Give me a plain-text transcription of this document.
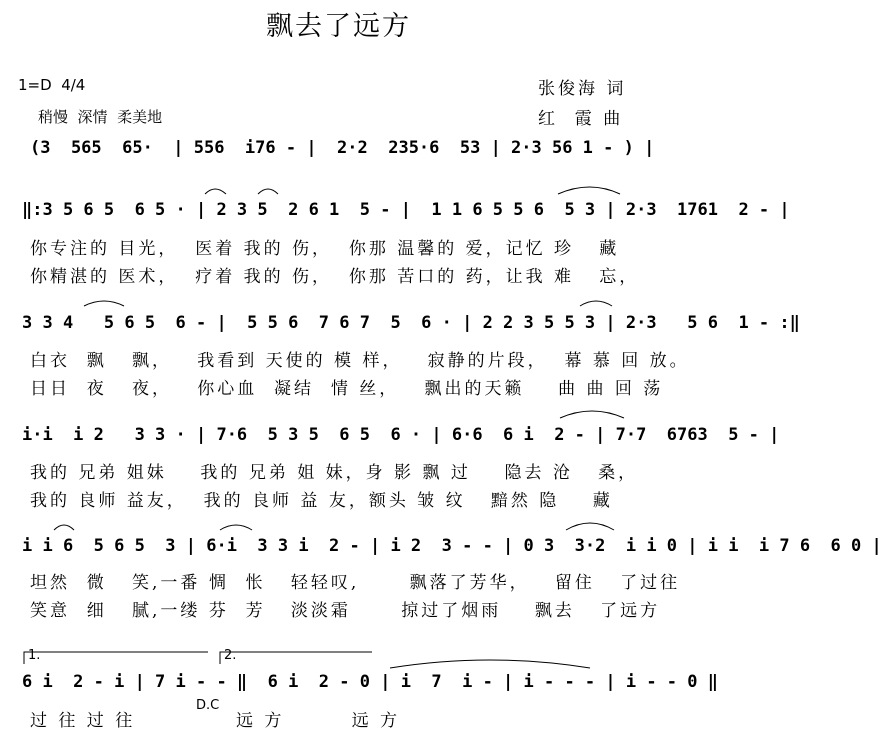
飘去了远方
1=D  4/4
稍慢  深情  柔美地
张俊海 词
红  霞 曲
(3  565  65·  | 556  i76 - |  2·2  235·6  53 | 2·3 56 1 - ) |
‖:3 5 6 5  6 5 · | 2 3 5  2 6 1  5 - |  1 1 6 5 5 6  5 3 | 2·3  1761  2 - |
你专注的 目光，  医着 我的 伤，  你那 温馨的 爱，记忆 珍   藏
你精湛的 医术，  疗着 我的 伤，  你那 苦口的 药，让我 难   忘，
3 3 4   5 6 5  6 - |  5 5 6  7 6 7  5  6 · | 2 2 3 5 5 3 | 2·3   5 6  1 - :‖
白衣  飘   飘，   我看到 天使的 模 样，   寂静的片段，  幕 慕 回 放。
日日  夜   夜，   你心血  凝结  情 丝，   飘出的天籁    曲 曲 回 荡
i·i  i 2   3 3 · | 7·6  5 3 5  6 5  6 · | 6·6  6 i  2 - | 7·7  6763  5 - |
我的 兄弟 姐妹    我的 兄弟 姐 妹，身 影 飘 过    隐去 沧   桑，
我的 良师 益友，  我的 良师 益 友，额头 皱 纹   黯然 隐    藏
i i 6  5 6 5  3 | 6·i  3 3 i  2 - | i 2  3 - - | 0 3  3·2  i i 0 | i i  i 7 6  6 0 |
坦然  微   笑,一番 惆  怅   轻轻叹,      飘落了芳华，   留住   了过往
笑意  细   腻,一缕 芬  芳   淡淡霜      掠过了烟雨    飘去   了远方
1.	2.
6 i  2 - i | 7 i - - ‖  6 i  2 - 0 | i  7  i - | i - - - | i - - 0 ‖
过 往 过 往
D.C
远 方        远 方
